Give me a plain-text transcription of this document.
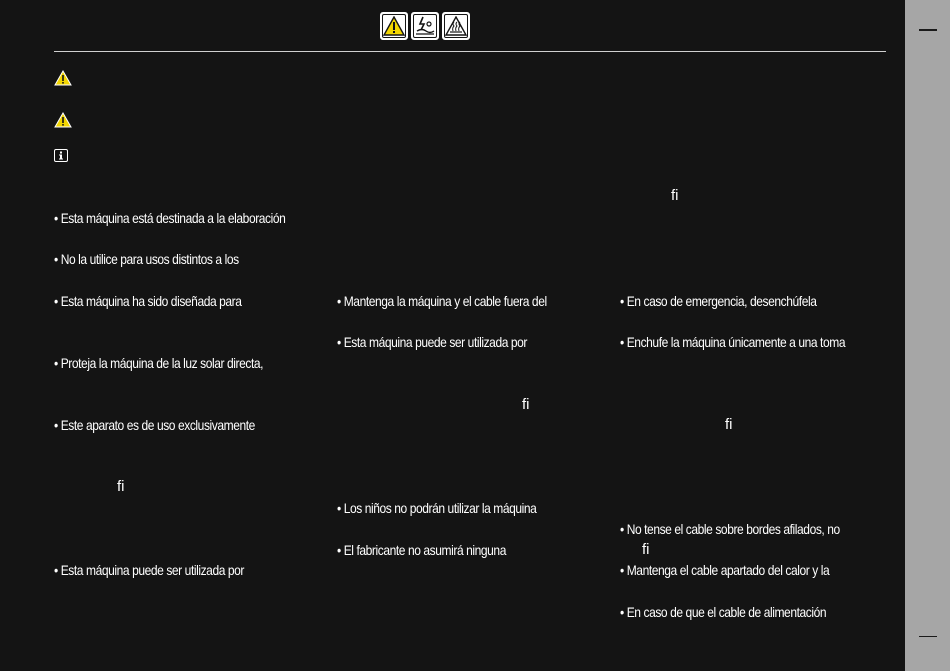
• Esta máquina está destinada a la elaboración
• No la utilice para usos distintos a los
• Esta máquina ha sido diseñada para
• Proteja la máquina de la luz solar directa,
• Este aparato es de uso exclusivamente
fi
• Esta máquina puede ser utilizada por
• Mantenga la máquina y el cable fuera del
• Esta máquina puede ser utilizada por
fi
• Los niños no podrán utilizar la máquina
• El fabricante no asumirá ninguna
fi
• En caso de emergencia, desenchúfela
• Enchufe la máquina únicamente a una toma
fi
• No tense el cable sobre bordes afilados, no
fi
• Mantenga el cable apartado del calor y la
• En caso de que el cable de alimentación
